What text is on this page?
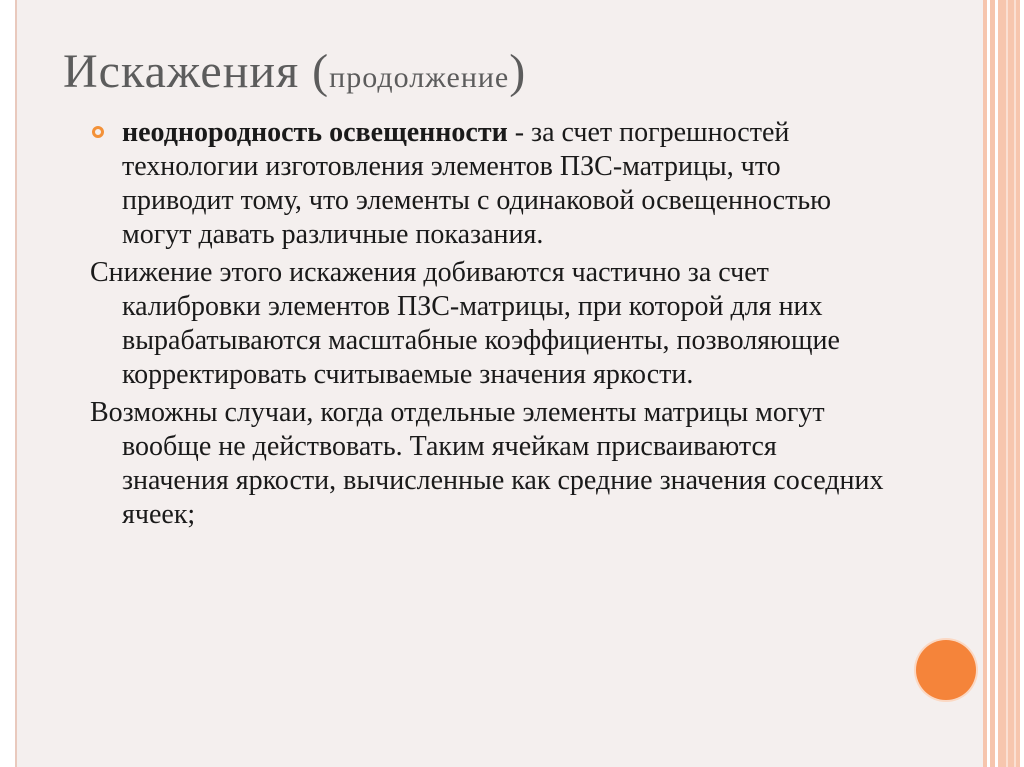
Искажения (продолжение)

неоднородность освещенности - за счет погрешностей технологии изготовления элементов ПЗС-матрицы, что приводит тому, что элементы с одинаковой освещенностью могут давать различные показания.

Снижение этого искажения добиваются частично за счет калибровки элементов ПЗС-матрицы, при которой для них вырабатываются масштабные коэффициенты, позволяющие корректировать считываемые значения яркости.

Возможны случаи, когда отдельные элементы матрицы могут вообще не действовать. Таким ячейкам присваиваются значения яркости, вычисленные как средние значения соседних ячеек;
